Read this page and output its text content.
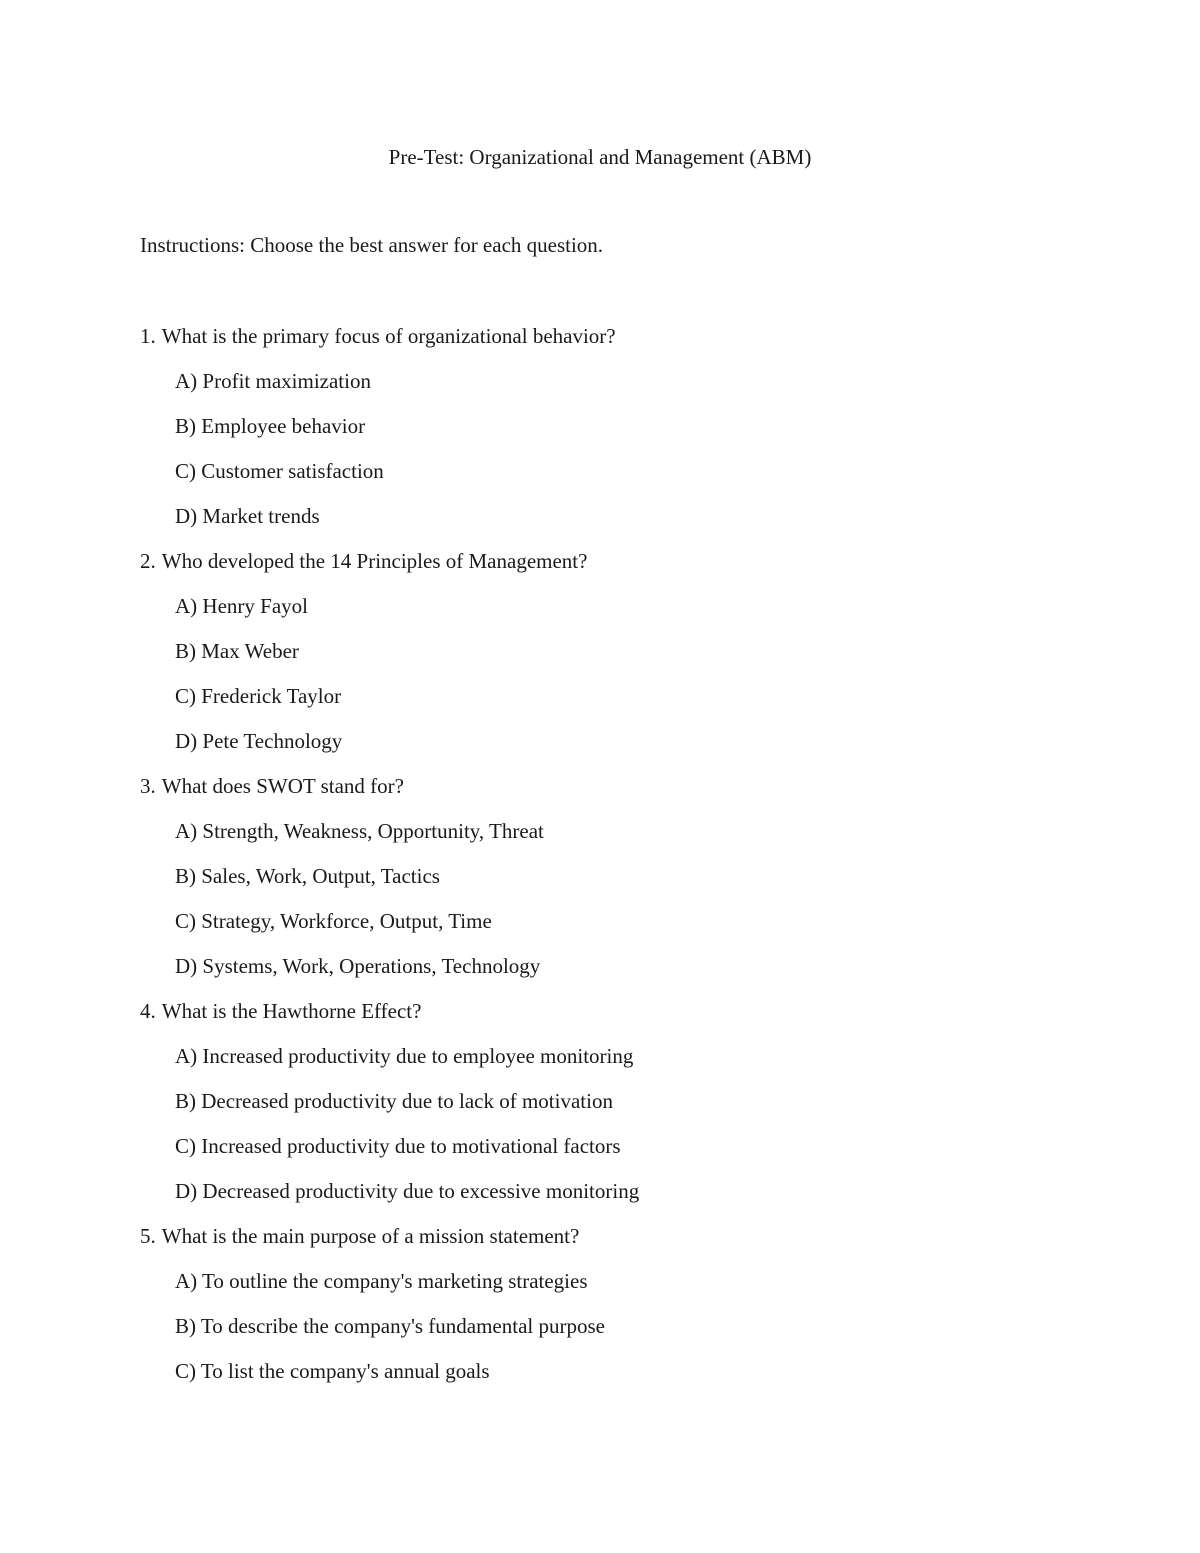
Pre-Test: Organizational and Management (ABM)
Instructions: Choose the best answer for each question.
1. What is the primary focus of organizational behavior?
A) Profit maximization
B) Employee behavior
C) Customer satisfaction
D) Market trends
2. Who developed the 14 Principles of Management?
A) Henry Fayol
B) Max Weber
C) Frederick Taylor
D) Pete Technology
3. What does SWOT stand for?
A) Strength, Weakness, Opportunity, Threat
B) Sales, Work, Output, Tactics
C) Strategy, Workforce, Output, Time
D) Systems, Work, Operations, Technology
4. What is the Hawthorne Effect?
A) Increased productivity due to employee monitoring
B) Decreased productivity due to lack of motivation
C) Increased productivity due to motivational factors
D) Decreased productivity due to excessive monitoring
5. What is the main purpose of a mission statement?
A) To outline the company's marketing strategies
B) To describe the company's fundamental purpose
C) To list the company's annual goals
